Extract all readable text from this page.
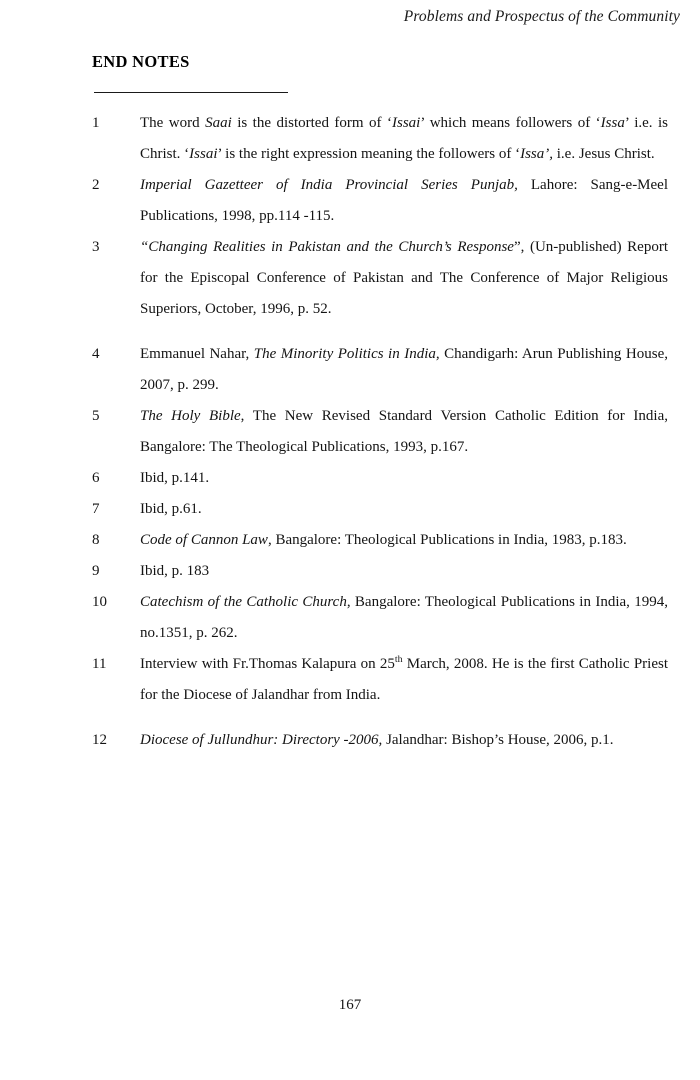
Problems and Prospectus of the Community
END NOTES
1	The word Saai is the distorted form of ‘Issai’ which means followers of ‘Issa’ i.e. is Christ. ‘Issai’ is the right expression meaning the followers of ‘Issa’, i.e. Jesus Christ.
2	Imperial Gazetteer of India Provincial Series Punjab, Lahore: Sang-e-Meel Publications, 1998, pp.114 -115.
3	“Changing Realities in Pakistan and the Church’s Response”, (Un-published) Report for the Episcopal Conference of Pakistan and The Conference of Major Religious Superiors, October, 1996, p. 52.
4	Emmanuel Nahar, The Minority Politics in India, Chandigarh: Arun Publishing House, 2007, p. 299.
5	The Holy Bible, The New Revised Standard Version Catholic Edition for India, Bangalore: The Theological Publications, 1993, p.167.
6	Ibid, p.141.
7	Ibid, p.61.
8	Code of Cannon Law, Bangalore: Theological Publications in India, 1983, p.183.
9	Ibid, p. 183
10	Catechism of the Catholic Church, Bangalore: Theological Publications in India, 1994, no.1351, p. 262.
11	Interview with Fr.Thomas Kalapura on 25th March, 2008. He is the first Catholic Priest for the Diocese of Jalandhar from India.
12	Diocese of Jullundhur: Directory -2006, Jalandhar: Bishop’s House, 2006, p.1.
167
